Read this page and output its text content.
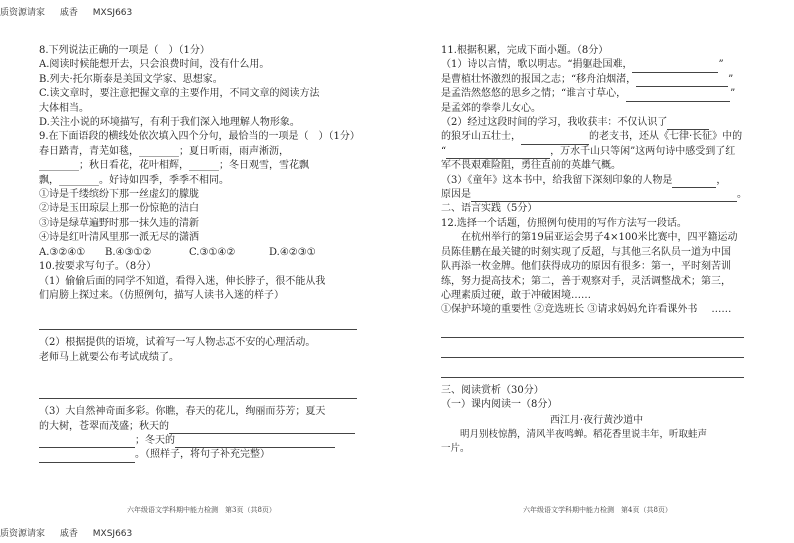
质资源请家 戚香 MXSJ663
8.下列说法正确的一项是（　）（1分）
A.阅读时候能想开去，只会浪费时间，没有什么用。
B.列夫·托尔斯泰是美国文学家、思想家。
C.读文章时，要注意把握文章的主要作用，不同文章的阅读方法
大体相当。
D.关注小说的环境描写，有利于我们深入地理解人物形象。
9.在下面语段的横线处依次填入四个分句，最恰当的一项是（　）（1分）
春日踏青，青芜如毯，________；夏日听雨，雨声淅沥，
________；秋日看花，花叶相辉，______；冬日观雪，雪花飘
飘，________。好诗如四季，季季不相同。
①诗是千缕缤纷下那一丝虚幻的朦胧
②诗是玉田琼层上那一份惊艳的洁白
③诗是绿草遍野时那一抹久违的清新
④诗是红叶清风里那一派无尽的潇洒
A.③②④① B.④③①②	C.③①④②	D.④②③①
10.按要求写句子。（8分）
（1）偷偷后面的同学不知道，看得入迷，伸长脖子，很不能从我
们肩膀上探过来。（仿照例句，描写人读书入迷的样子）
（2）根据提供的语境，试着写一写人物忐忑不安的心理活动。
老师马上就要公布考试成绩了。
（3）大自然神奇面多彩。你瞧，春天的花儿，绚丽而芬芳；夏天
的大树，苍翠而茂盛；秋天的
；冬天的
。（照样子，将句子补充完整）
11.根据积累，完成下面小题。（8分）
（1）诗以言情，歌以明志。“捐躯赴国难，	”
是曹植壮怀激烈的报国之志；“移舟泊烟渚，	”
是孟浩然悠悠的思乡之情；“谁言寸草心，	”
是孟郊的拳拳儿女心。
（2）经过这段时间的学习，我收获丰：不仅认识了
的狼牙山五壮士，	的老支书，还从《七律·长征》中的
“	，万水千山只等闲”这两句诗中感受到了红
军不畏艰难险阻，勇往直前的英雄气概。
（3）《童年》这本书中，给我留下深刻印象的人物是	，
原因是	。
二、语言实践（5分）
12.选择一个话题，仿照例句使用的写作方法写一段话。
在杭州举行的第19届亚运会男子4×100米比赛中，四平籍运动
员陈佳鹏在最关键的时刻实现了反超，与其他三名队员一道为中国
队再添一枚金牌。他们获得成功的原因有很多：第一，平时刻苦训
练，努力提高技术；第二，善于观察对手，灵活调整战术；第三，
心理素质过硬，敢于冲破困境……
①保护环境的重要性 ②竞选班长 ③请求妈妈允许看课外书 ……
三、阅读赏析（30分）
（一）课内阅读一（8分）
西江月·夜行黄沙道中
明月别枝惊鹊，清风半夜鸣蝉。稻花香里说丰年，听取蛙声
一片。
六年级语文学科期中能力检测　第3页（共8页）	六年级语文学科期中能力检测　第4页（共8页）
质资源请家 戚香 MXSJ663
